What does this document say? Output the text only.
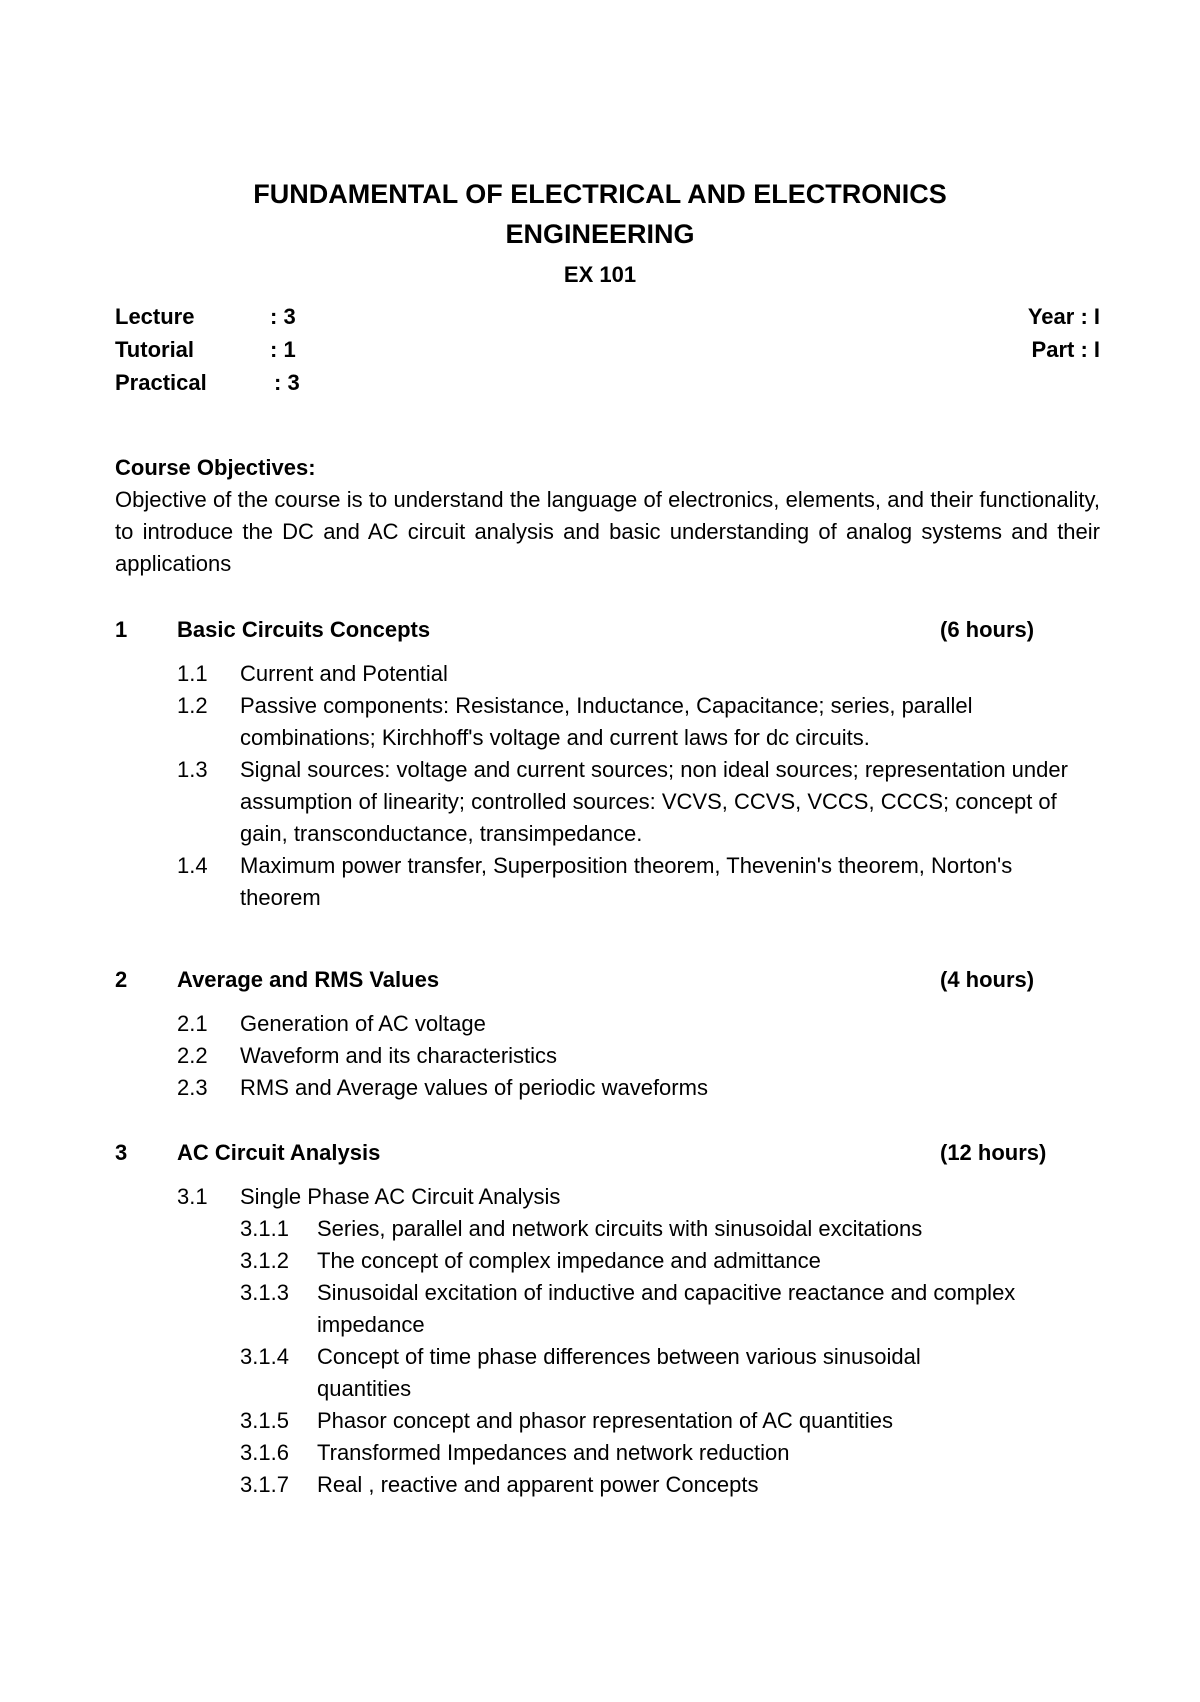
FUNDAMENTAL OF ELECTRICAL AND ELECTRONICS
ENGINEERING
EX 101
Lecture	: 3	Year : I
Tutorial	: 1	Part : I
Practical	: 3
Course Objectives:

Objective of the course is to understand the language of electronics, elements, and their functionality, to introduce the DC and AC circuit analysis and basic understanding of analog systems and their applications

1 Basic Circuits Concepts	(6 hours)
1.1 Current and Potential
1.2 Passive components: Resistance, Inductance, Capacitance; series, parallel combinations; Kirchhoff's voltage and current laws for dc circuits.
1.3 Signal sources: voltage and current sources; non ideal sources; representation under assumption of linearity; controlled sources: VCVS, CCVS, VCCS, CCCS; concept of gain, transconductance, transimpedance.
1.4 Maximum power transfer, Superposition theorem, Thevenin's theorem, Norton's theorem
2 Average and RMS Values	(4 hours)
2.1 Generation of AC voltage
2.2 Waveform and its characteristics
2.3 RMS and Average values of periodic waveforms
3 AC Circuit Analysis	(12 hours)
3.1 Single Phase AC Circuit Analysis
3.1.1 Series, parallel and network circuits with sinusoidal excitations
3.1.2 The concept of complex impedance and admittance
3.1.3 Sinusoidal excitation of inductive and capacitive reactance and complex impedance
3.1.4 Concept of time phase differences between various sinusoidal quantities
3.1.5 Phasor concept and phasor representation of AC quantities
3.1.6 Transformed Impedances and network reduction
3.1.7 Real , reactive and apparent power Concepts
